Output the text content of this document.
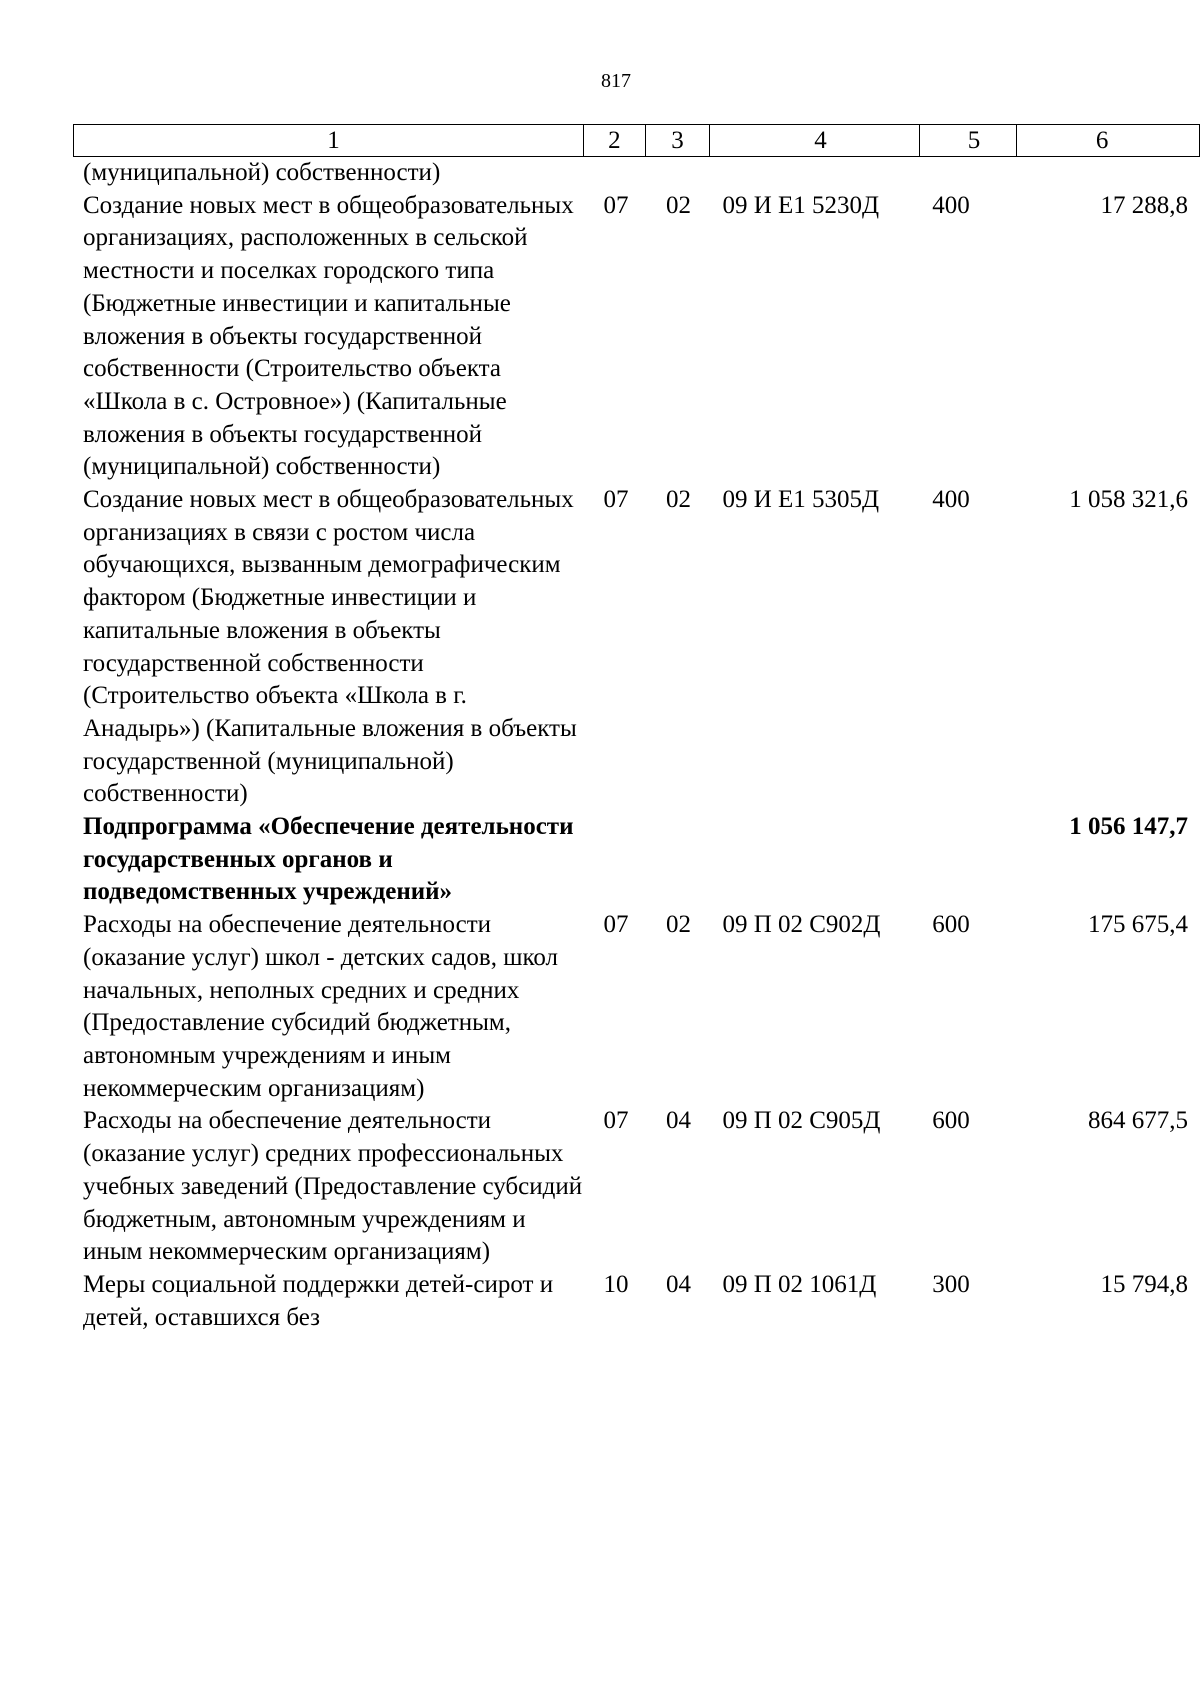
817
1	2	3	4	5	6
(муниципальной) собственности)					
Создание новых мест в общеобразовательных организациях, расположенных в сельской местности и поселках городского типа (Бюджетные инвестиции и капитальные вложения в объекты государственной собственности (Строительство объекта «Школа в с. Островное») (Капитальные вложения в объекты государственной (муниципальной) собственности)	07	02	09 И Е1 5230Д	400	17 288,8
Создание новых мест в общеобразовательных организациях в связи с ростом числа обучающихся, вызванным демографическим фактором (Бюджетные инвестиции и капитальные вложения в объекты государственной собственности (Строительство объекта «Школа в г. Анадырь») (Капитальные вложения в объекты государственной (муниципальной) собственности)	07	02	09 И Е1 5305Д	400	1 058 321,6
Подпрограмма «Обеспечение деятельности государственных органов и подведомственных учреждений»					1 056 147,7
Расходы на обеспечение деятельности (оказание услуг) школ - детских садов, школ начальных, неполных средних и средних (Предоставление субсидий бюджетным, автономным учреждениям и иным некоммерческим организациям)	07	02	09 П 02 С902Д	600	175 675,4
Расходы на обеспечение деятельности (оказание услуг) средних профессиональных учебных заведений (Предоставление субсидий бюджетным, автономным учреждениям и иным некоммерческим организациям)	07	04	09 П 02 С905Д	600	864 677,5
Меры социальной поддержки детей-сирот и детей, оставшихся без	10	04	09 П 02 1061Д	300	15 794,8
